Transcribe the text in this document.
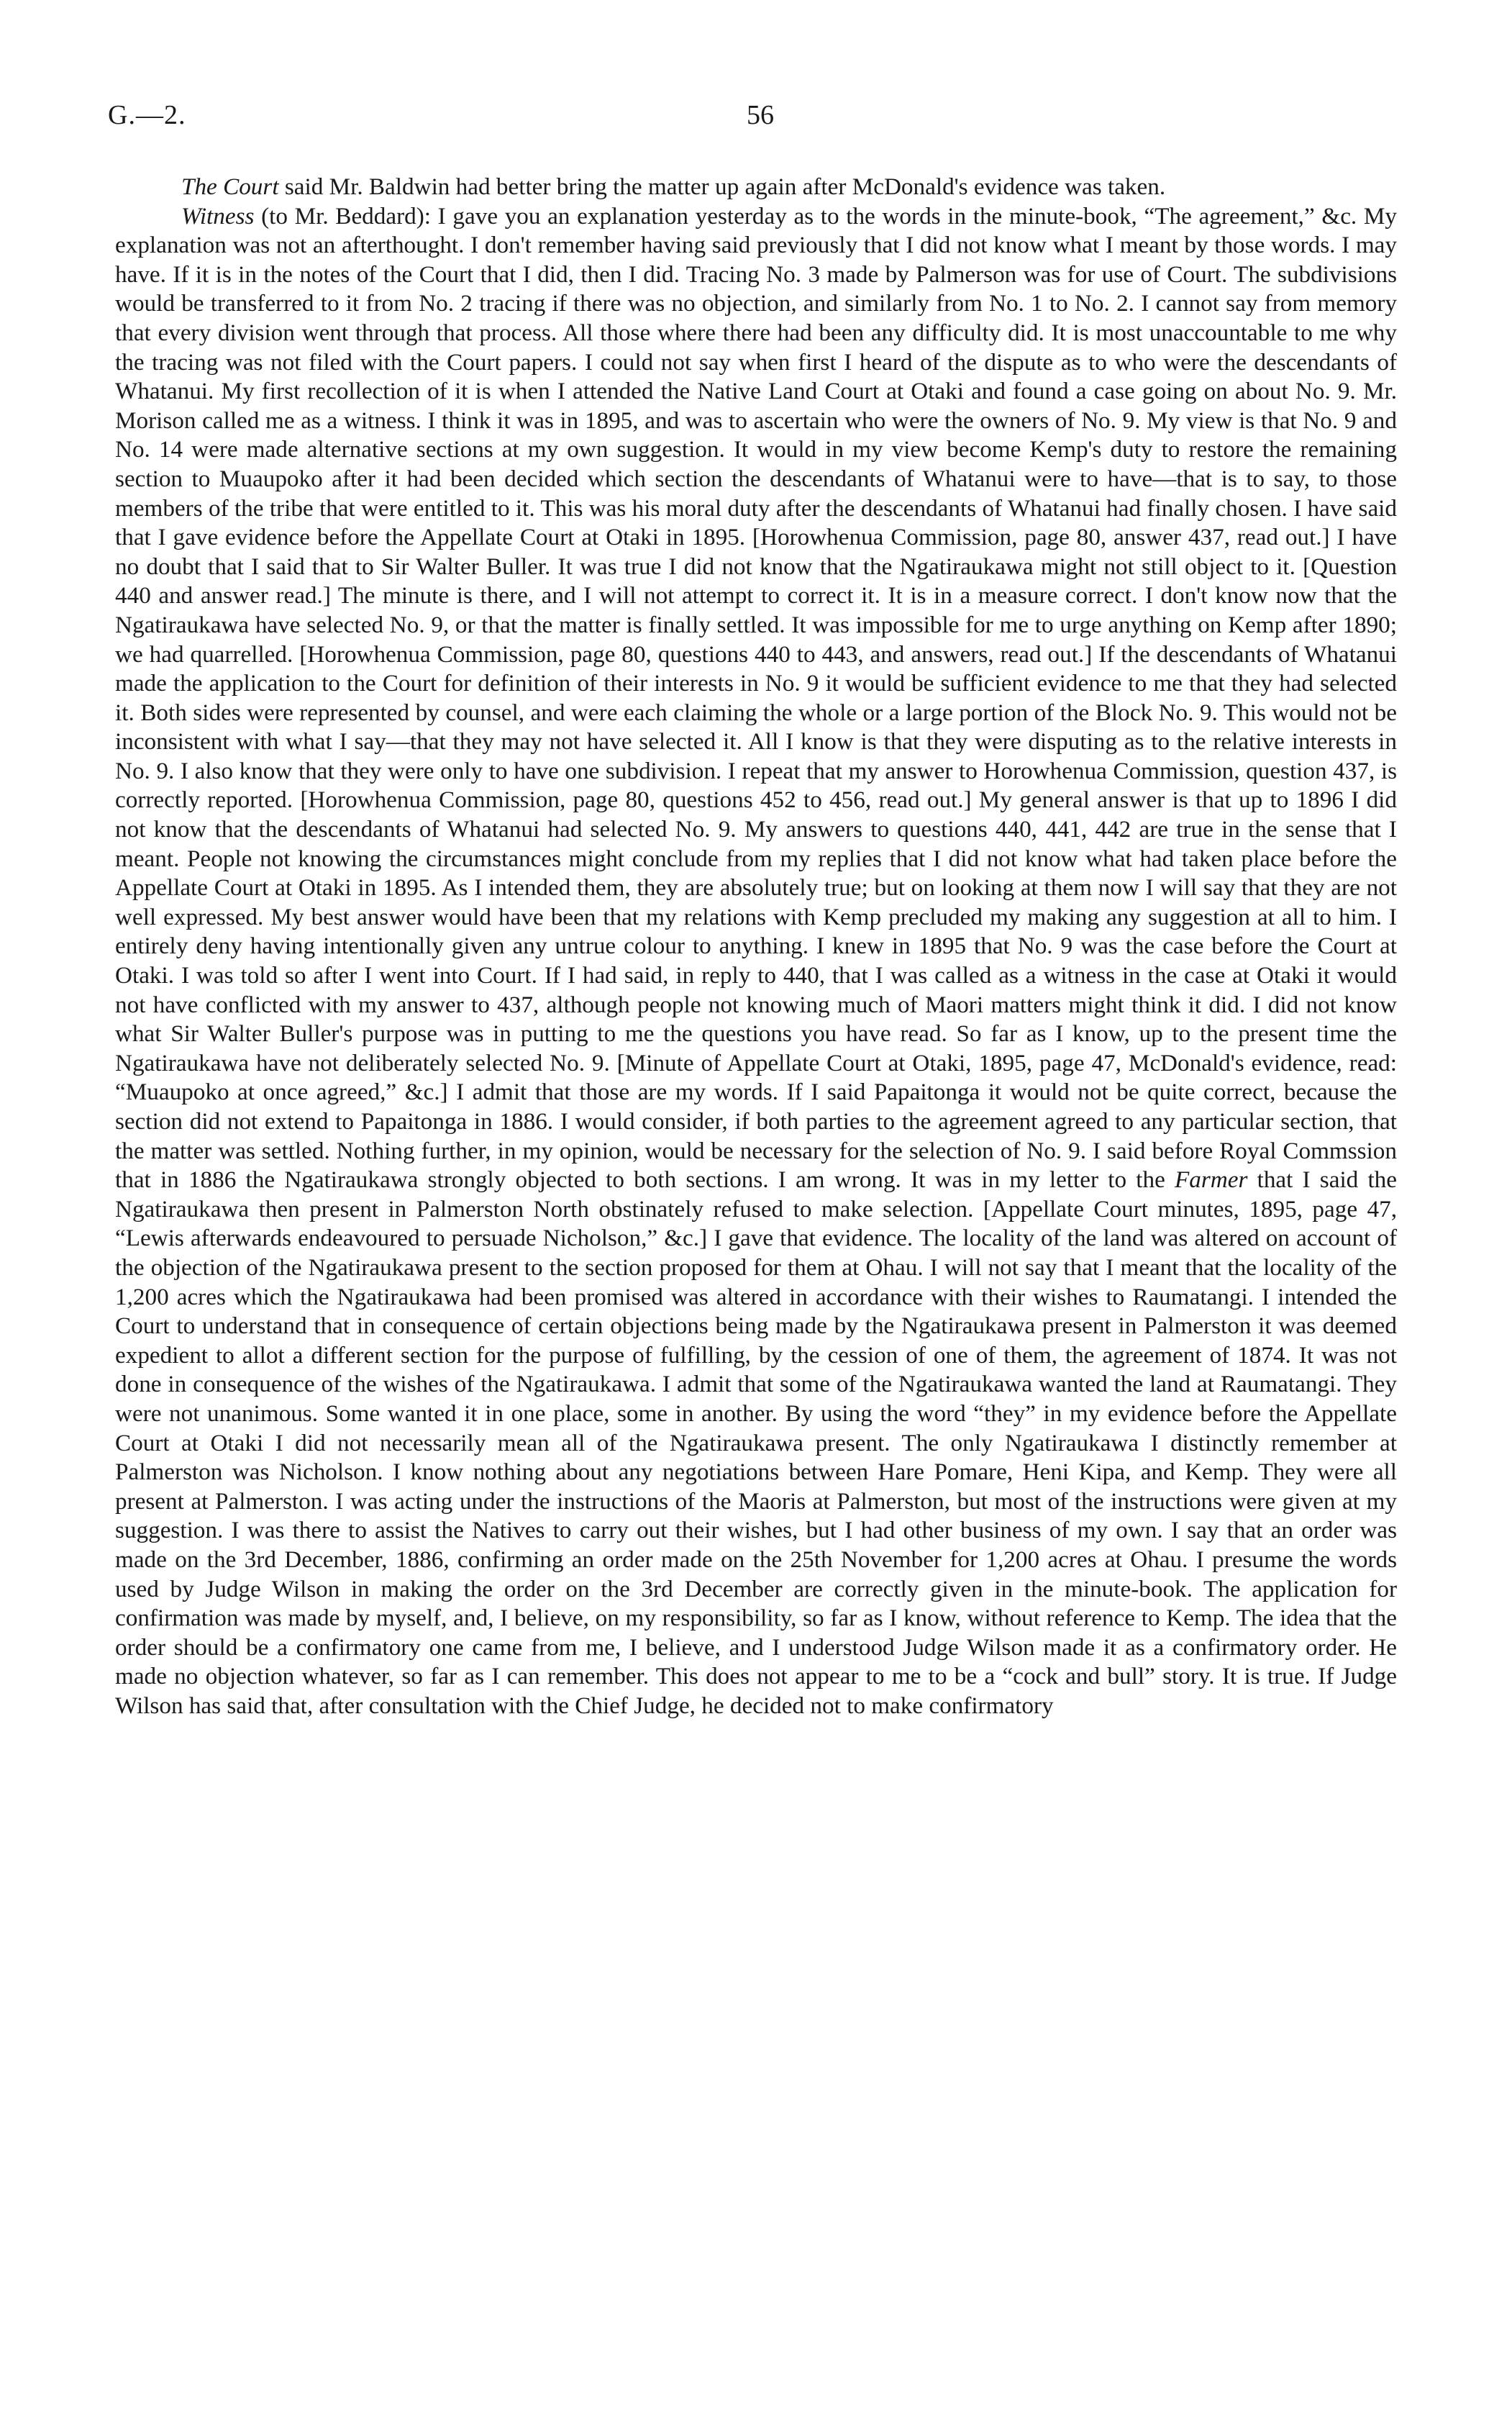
G.—2.	56

The Court said Mr. Baldwin had better bring the matter up again after McDonald's evidence was taken.

Witness (to Mr. Beddard): I gave you an explanation yesterday as to the words in the minute-book, “The agreement,” &c. My explanation was not an afterthought. I don't remember having said previously that I did not know what I meant by those words. I may have. If it is in the notes of the Court that I did, then I did. Tracing No. 3 made by Palmerson was for use of Court. The subdivisions would be transferred to it from No. 2 tracing if there was no objection, and similarly from No. 1 to No. 2. I cannot say from memory that every division went through that process. All those where there had been any difficulty did. It is most unaccountable to me why the tracing was not filed with the Court papers. I could not say when first I heard of the dispute as to who were the descendants of Whatanui. My first recollection of it is when I attended the Native Land Court at Otaki and found a case going on about No. 9. Mr. Morison called me as a witness. I think it was in 1895, and was to ascertain who were the owners of No. 9. My view is that No. 9 and No. 14 were made alternative sections at my own suggestion. It would in my view become Kemp's duty to restore the remaining section to Muaupoko after it had been decided which section the descendants of Whatanui were to have—that is to say, to those members of the tribe that were entitled to it. This was his moral duty after the descendants of Whatanui had finally chosen. I have said that I gave evidence before the Appellate Court at Otaki in 1895. [Horowhenua Commission, page 80, answer 437, read out.] I have no doubt that I said that to Sir Walter Buller. It was true I did not know that the Ngatiraukawa might not still object to it. [Question 440 and answer read.] The minute is there, and I will not attempt to correct it. It is in a measure correct. I don't know now that the Ngatiraukawa have selected No. 9, or that the matter is finally settled. It was impossible for me to urge anything on Kemp after 1890; we had quarrelled. [Horowhenua Commission, page 80, questions 440 to 443, and answers, read out.] If the descendants of Whatanui made the application to the Court for definition of their interests in No. 9 it would be sufficient evidence to me that they had selected it. Both sides were represented by counsel, and were each claiming the whole or a large portion of the Block No. 9. This would not be inconsistent with what I say—that they may not have selected it. All I know is that they were disputing as to the relative interests in No. 9. I also know that they were only to have one subdivision. I repeat that my answer to Horowhenua Commission, question 437, is correctly reported. [Horowhenua Commission, page 80, questions 452 to 456, read out.] My general answer is that up to 1896 I did not know that the descendants of Whatanui had selected No. 9. My answers to questions 440, 441, 442 are true in the sense that I meant. People not knowing the circumstances might conclude from my replies that I did not know what had taken place before the Appellate Court at Otaki in 1895. As I intended them, they are absolutely true; but on looking at them now I will say that they are not well expressed. My best answer would have been that my relations with Kemp precluded my making any suggestion at all to him. I entirely deny having intentionally given any untrue colour to anything. I knew in 1895 that No. 9 was the case before the Court at Otaki. I was told so after I went into Court. If I had said, in reply to 440, that I was called as a witness in the case at Otaki it would not have conflicted with my answer to 437, although people not knowing much of Maori matters might think it did. I did not know what Sir Walter Buller's purpose was in putting to me the questions you have read. So far as I know, up to the present time the Ngatiraukawa have not deliberately selected No. 9. [Minute of Appellate Court at Otaki, 1895, page 47, McDonald's evidence, read: “Muaupoko at once agreed,” &c.] I admit that those are my words. If I said Papaitonga it would not be quite correct, because the section did not extend to Papaitonga in 1886. I would consider, if both parties to the agreement agreed to any particular section, that the matter was settled. Nothing further, in my opinion, would be necessary for the selection of No. 9. I said before Royal Commssion that in 1886 the Ngatiraukawa strongly objected to both sections. I am wrong. It was in my letter to the Farmer that I said the Ngatiraukawa then present in Palmerston North obstinately refused to make selection. [Appellate Court minutes, 1895, page 47, “Lewis afterwards endeavoured to persuade Nicholson,” &c.] I gave that evidence. The locality of the land was altered on account of the objection of the Ngatiraukawa present to the section proposed for them at Ohau. I will not say that I meant that the locality of the 1,200 acres which the Ngatiraukawa had been promised was altered in accordance with their wishes to Raumatangi. I intended the Court to understand that in consequence of certain objections being made by the Ngatiraukawa present in Palmerston it was deemed expedient to allot a different section for the purpose of fulfilling, by the cession of one of them, the agreement of 1874. It was not done in consequence of the wishes of the Ngatiraukawa. I admit that some of the Ngatiraukawa wanted the land at Raumatangi. They were not unanimous. Some wanted it in one place, some in another. By using the word “they” in my evidence before the Appellate Court at Otaki I did not necessarily mean all of the Ngatiraukawa present. The only Ngatiraukawa I distinctly remember at Palmerston was Nicholson. I know nothing about any negotiations between Hare Pomare, Heni Kipa, and Kemp. They were all present at Palmerston. I was acting under the instructions of the Maoris at Palmerston, but most of the instructions were given at my suggestion. I was there to assist the Natives to carry out their wishes, but I had other business of my own. I say that an order was made on the 3rd December, 1886, confirming an order made on the 25th November for 1,200 acres at Ohau. I presume the words used by Judge Wilson in making the order on the 3rd December are correctly given in the minute-book. The application for confirmation was made by myself, and, I believe, on my responsibility, so far as I know, without reference to Kemp. The idea that the order should be a confirmatory one came from me, I believe, and I understood Judge Wilson made it as a confirmatory order. He made no objection whatever, so far as I can remember. This does not appear to me to be a “cock and bull” story. It is true. If Judge Wilson has said that, after consultation with the Chief Judge, he decided not to make confirmatory
